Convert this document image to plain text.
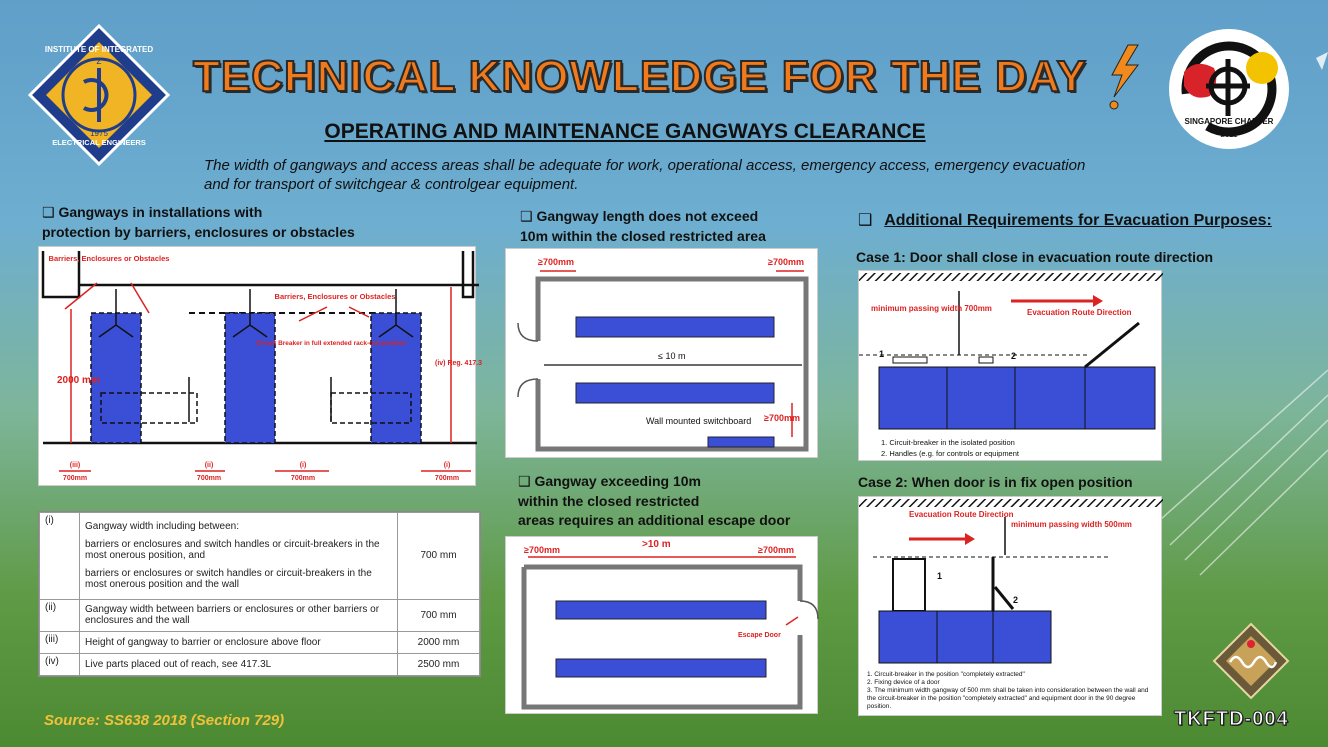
Z
INSTITUTE OF INTEGRATED
ELECTRICAL ENGINEERS
1975
SINGAPORE CHAPTER
2011
TECHNICAL KNOWLEDGE FOR THE DAY
OPERATING AND MAINTENANCE GANGWAYS CLEARANCE
The width of gangways and access areas shall be adequate for work, operational access, emergency access, emergency evacuation and for transport of switchgear & controlgear equipment.
❑ Gangways in installations with
protection by barriers, enclosures or obstacles
Barriers, Enclosures or Obstacles
Barriers, Enclosures or Obstacles
Circuit Breaker in full extended rack-out position
2000 mm
(iv) Reg. 417.3
(iii)
700mm
(ii)
700mm
(i)
700mm
(i)
700mm
(i)	Gangway width including between:
barriers or enclosures and switch handles or circuit-breakers in the most onerous position, and
barriers or enclosures or switch handles or circuit-breakers in the most onerous position and the wall	700 mm
(ii)	Gangway width between barriers or enclosures or other barriers or enclosures and the wall	700 mm
(iii)	Height of gangway to barrier or enclosure above floor	2000 mm
(iv)	Live parts placed out of reach, see 417.3L	2500 mm
❑ Gangway length does not exceed
10m within the closed restricted area
≥700mm	≥700mm
≤ 10 m
≥700mm
Wall mounted switchboard
❑ Gangway exceeding 10m
within the closed restricted
areas requires an additional escape door
≥700mm	>10 m	≥700mm
Escape Door
❑ Additional Requirements for Evacuation Purposes:
Case 1: Door shall close in evacuation route direction
minimum passing width 700mm	Evacuation Route Direction
1	2
1. Circuit-breaker in the isolated position
2. Handles (e.g. for controls or equipment
Case 2: When door is in fix open position
Evacuation Route Direction
minimum passing width 500mm
1
2
1. Circuit-breaker in the position "completely extracted"
2. Fixing device of a door
3. The minimum width gangway of 500 mm shall be taken into consideration between the wall and the circuit-breaker in the position "completely extracted" and equipment door in the 90 degree position.
Source: SS638 2018 (Section 729)	TKFTD-004
